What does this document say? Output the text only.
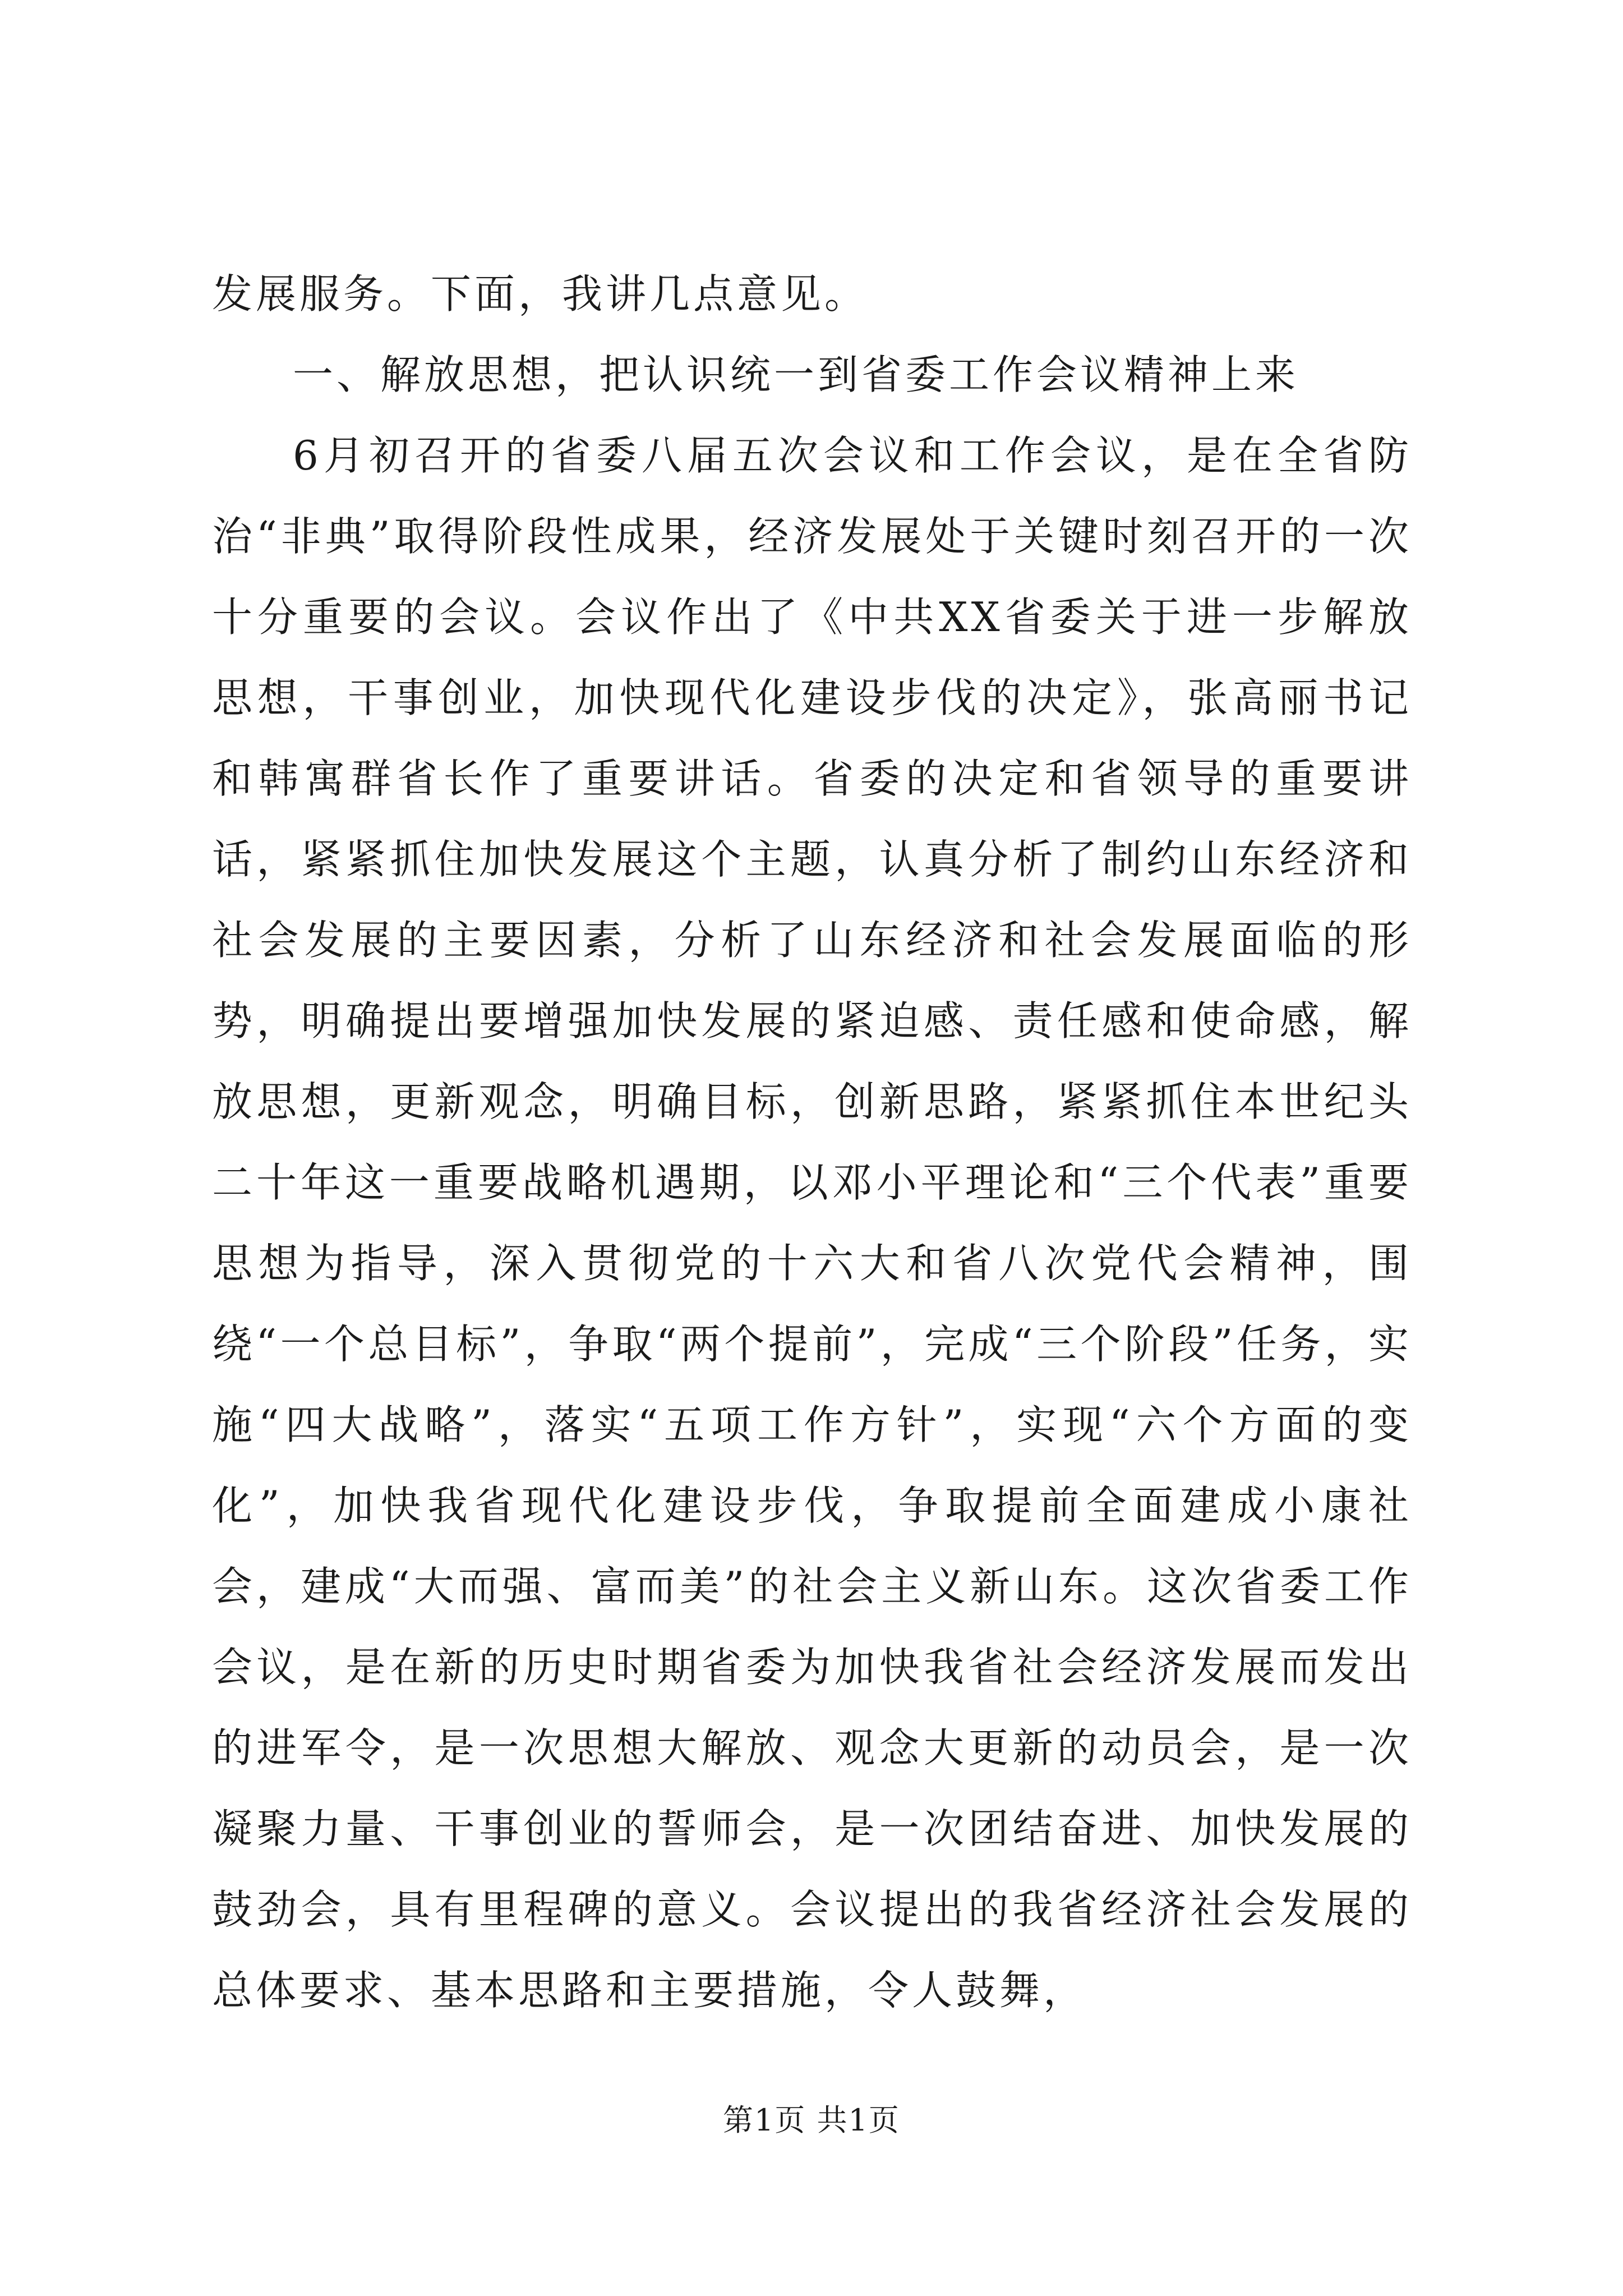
发展服务。下面，我讲几点意见。

一、解放思想，把认识统一到省委工作会议精神上来

6月初召开的省委八届五次会议和工作会议，是在全省防治“非典”取得阶段性成果，经济发展处于关键时刻召开的一次十分重要的会议。会议作出了《中共XX省委关于进一步解放思想，干事创业，加快现代化建设步伐的决定》，张高丽书记和韩寓群省长作了重要讲话。省委的决定和省领导的重要讲话，紧紧抓住加快发展这个主题，认真分析了制约山东经济和社会发展的主要因素，分析了山东经济和社会发展面临的形势，明确提出要增强加快发展的紧迫感、责任感和使命感，解放思想，更新观念，明确目标，创新思路，紧紧抓住本世纪头二十年这一重要战略机遇期，以邓小平理论和“三个代表”重要思想为指导，深入贯彻党的十六大和省八次党代会精神，围绕“一个总目标”，争取“两个提前”，完成“三个阶段”任务，实施“四大战略”，落实“五项工作方针”，实现“六个方面的变化”，加快我省现代化建设步伐，争取提前全面建成小康社会，建成“大而强、富而美”的社会主义新山东。这次省委工作会议，是在新的历史时期省委为加快我省社会经济发展而发出的进军令，是一次思想大解放、观念大更新的动员会，是一次凝聚力量、干事创业的誓师会，是一次团结奋进、加快发展的鼓劲会，具有里程碑的意义。会议提出的我省经济社会发展的总体要求、基本思路和主要措施，令人鼓舞，

第1页 共1页
